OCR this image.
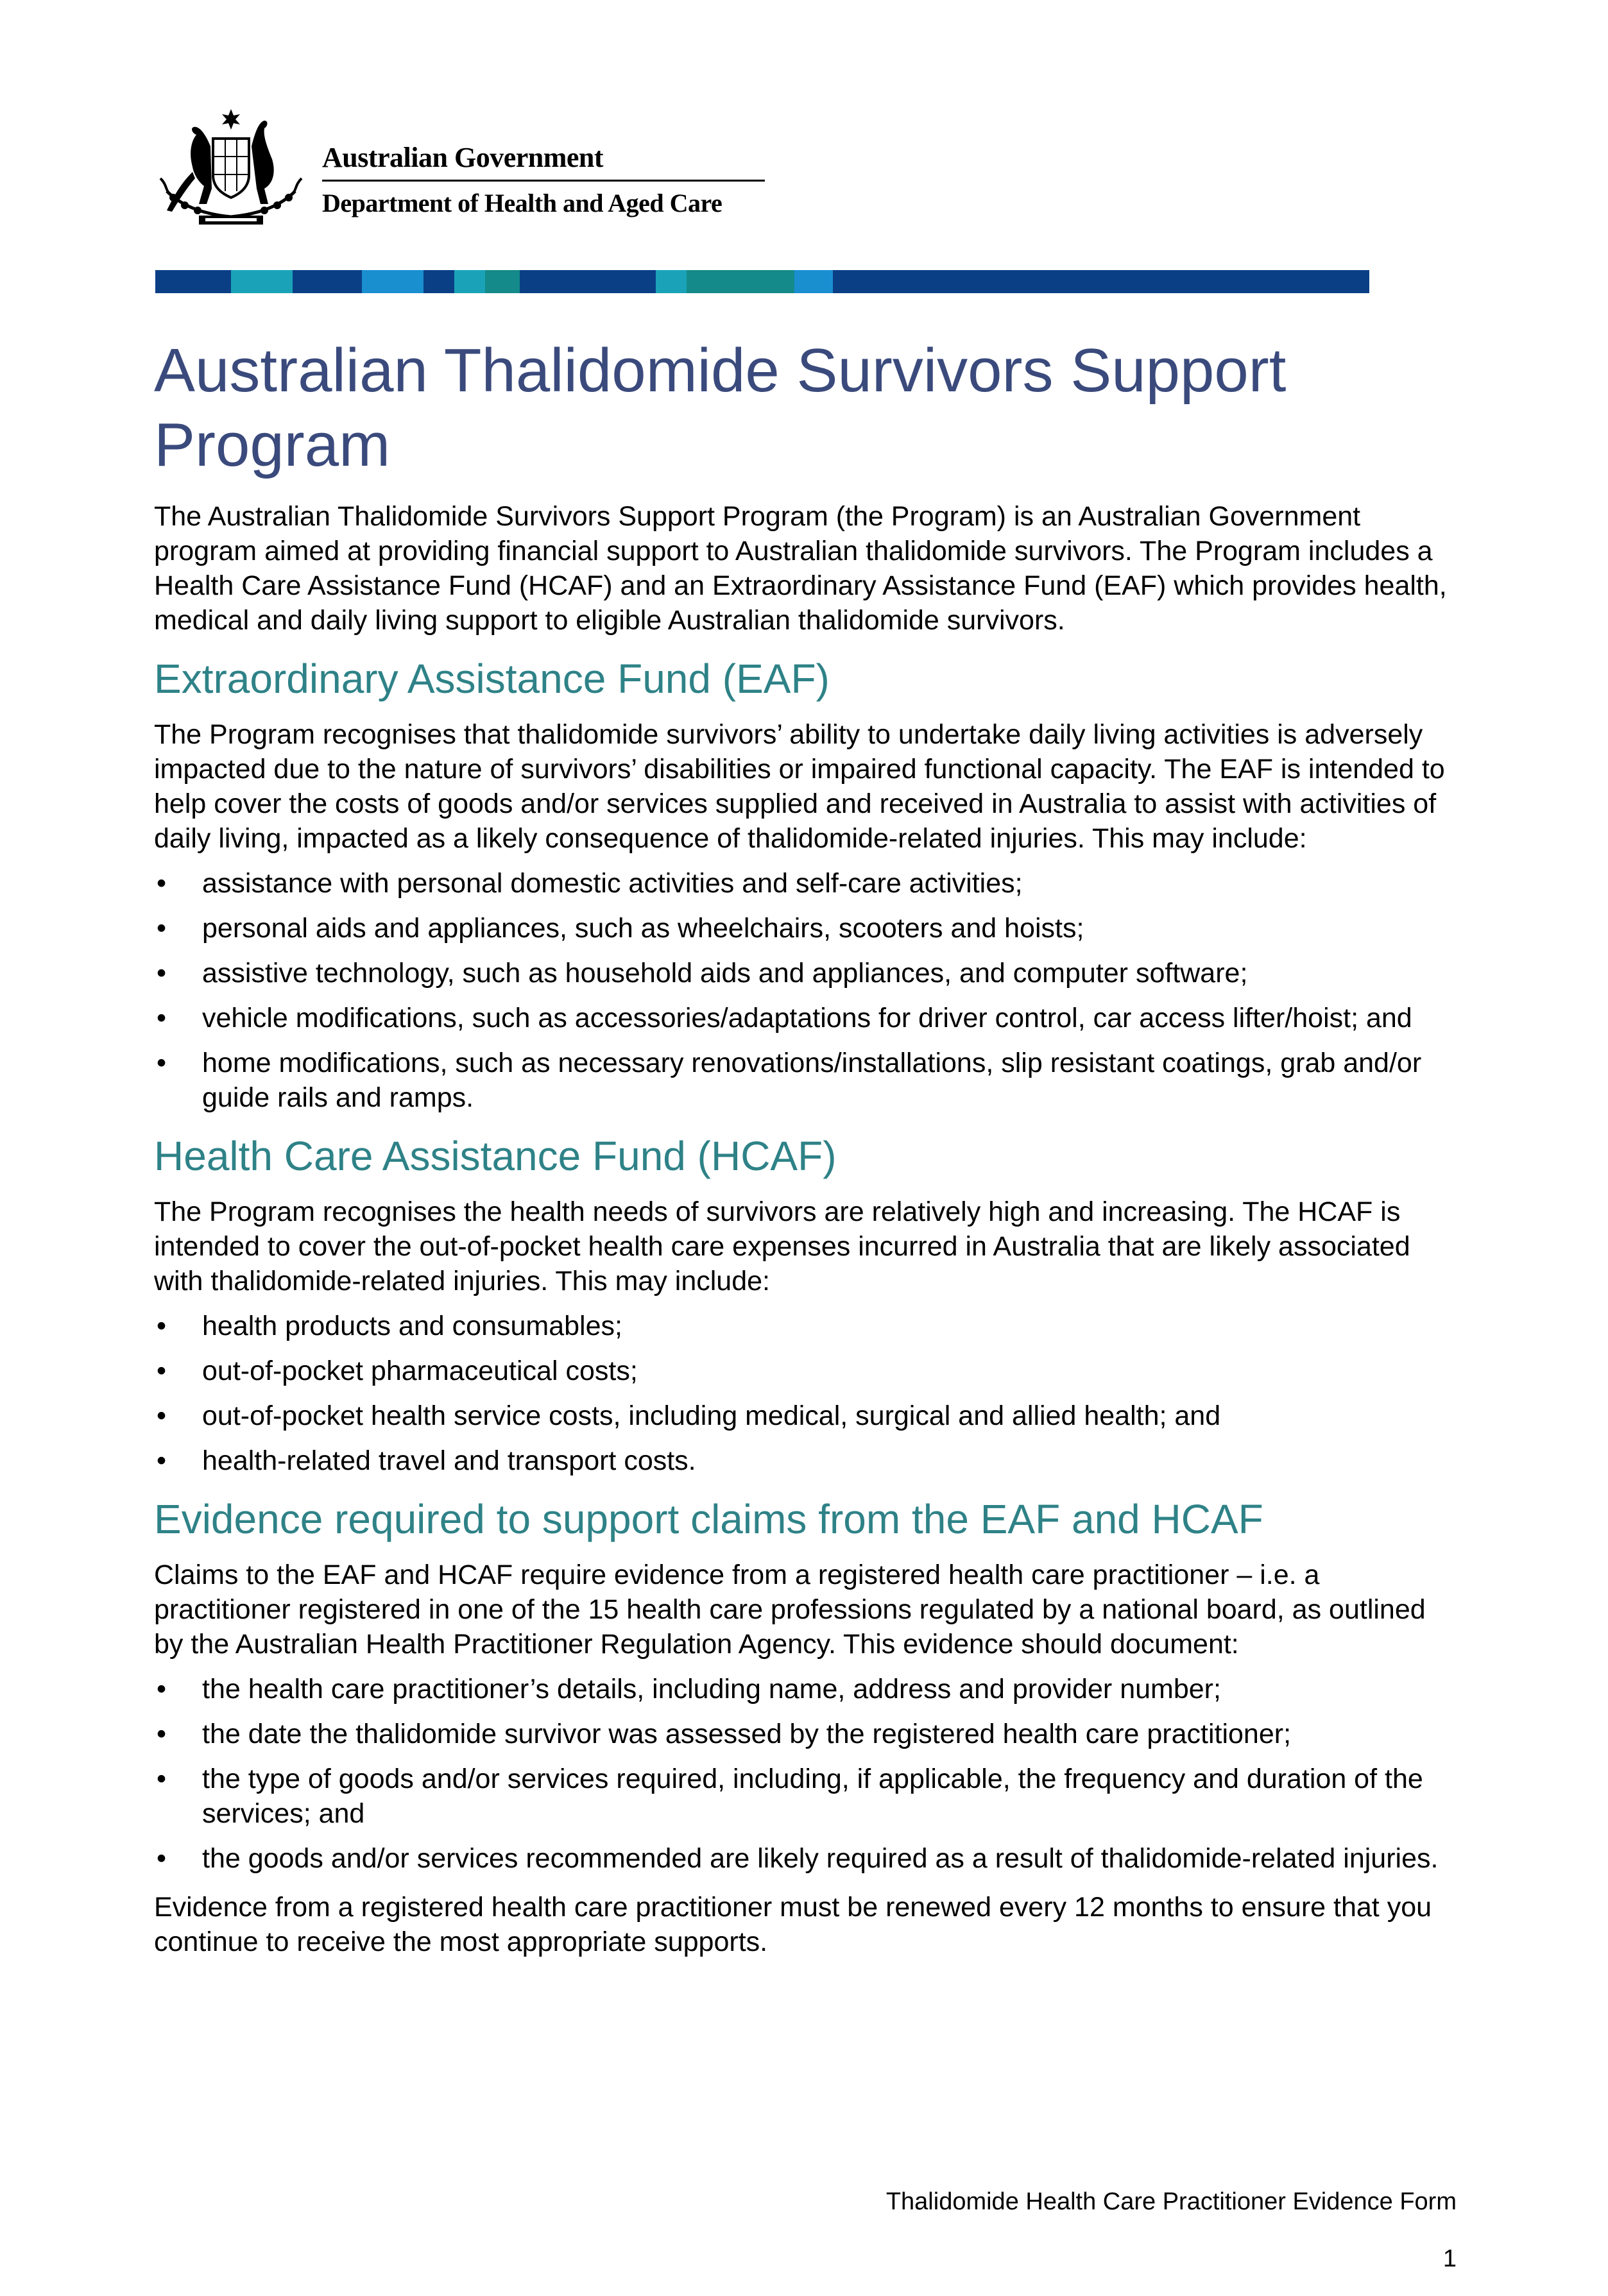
Australian Government
Department of Health and Aged Care
Australian Thalidomide Survivors Support Program

The Australian Thalidomide Survivors Support Program (the Program) is an Australian Government program aimed at providing financial support to Australian thalidomide survivors. The Program includes a Health Care Assistance Fund (HCAF) and an Extraordinary Assistance Fund (EAF) which provides health, medical and daily living support to eligible Australian thalidomide survivors.

Extraordinary Assistance Fund (EAF)

The Program recognises that thalidomide survivors’ ability to undertake daily living activities is adversely impacted due to the nature of survivors’ disabilities or impaired functional capacity. The EAF is intended to help cover the costs of goods and/or services supplied and received in Australia to assist with activities of daily living, impacted as a likely consequence of thalidomide-related injuries. This may include:

• assistance with personal domestic activities and self-care activities;
• personal aids and appliances, such as wheelchairs, scooters and hoists;
• assistive technology, such as household aids and appliances, and computer software;
• vehicle modifications, such as accessories/adaptations for driver control, car access lifter/hoist; and
• home modifications, such as necessary renovations/installations, slip resistant coatings, grab and/or guide rails and ramps.
Health Care Assistance Fund (HCAF)

The Program recognises the health needs of survivors are relatively high and increasing. The HCAF is intended to cover the out-of-pocket health care expenses incurred in Australia that are likely associated with thalidomide-related injuries. This may include:

• health products and consumables;
• out-of-pocket pharmaceutical costs;
• out-of-pocket health service costs, including medical, surgical and allied health; and
• health-related travel and transport costs.
Evidence required to support claims from the EAF and HCAF

Claims to the EAF and HCAF require evidence from a registered health care practitioner – i.e. a practitioner registered in one of the 15 health care professions regulated by a national board, as outlined by the Australian Health Practitioner Regulation Agency. This evidence should document:

• the health care practitioner’s details, including name, address and provider number;
• the date the thalidomide survivor was assessed by the registered health care practitioner;
• the type of goods and/or services required, including, if applicable, the frequency and duration of the services; and
• the goods and/or services recommended are likely required as a result of thalidomide-related injuries.

Evidence from a registered health care practitioner must be renewed every 12 months to ensure that you continue to receive the most appropriate supports.

Thalidomide Health Care Practitioner Evidence Form
1
